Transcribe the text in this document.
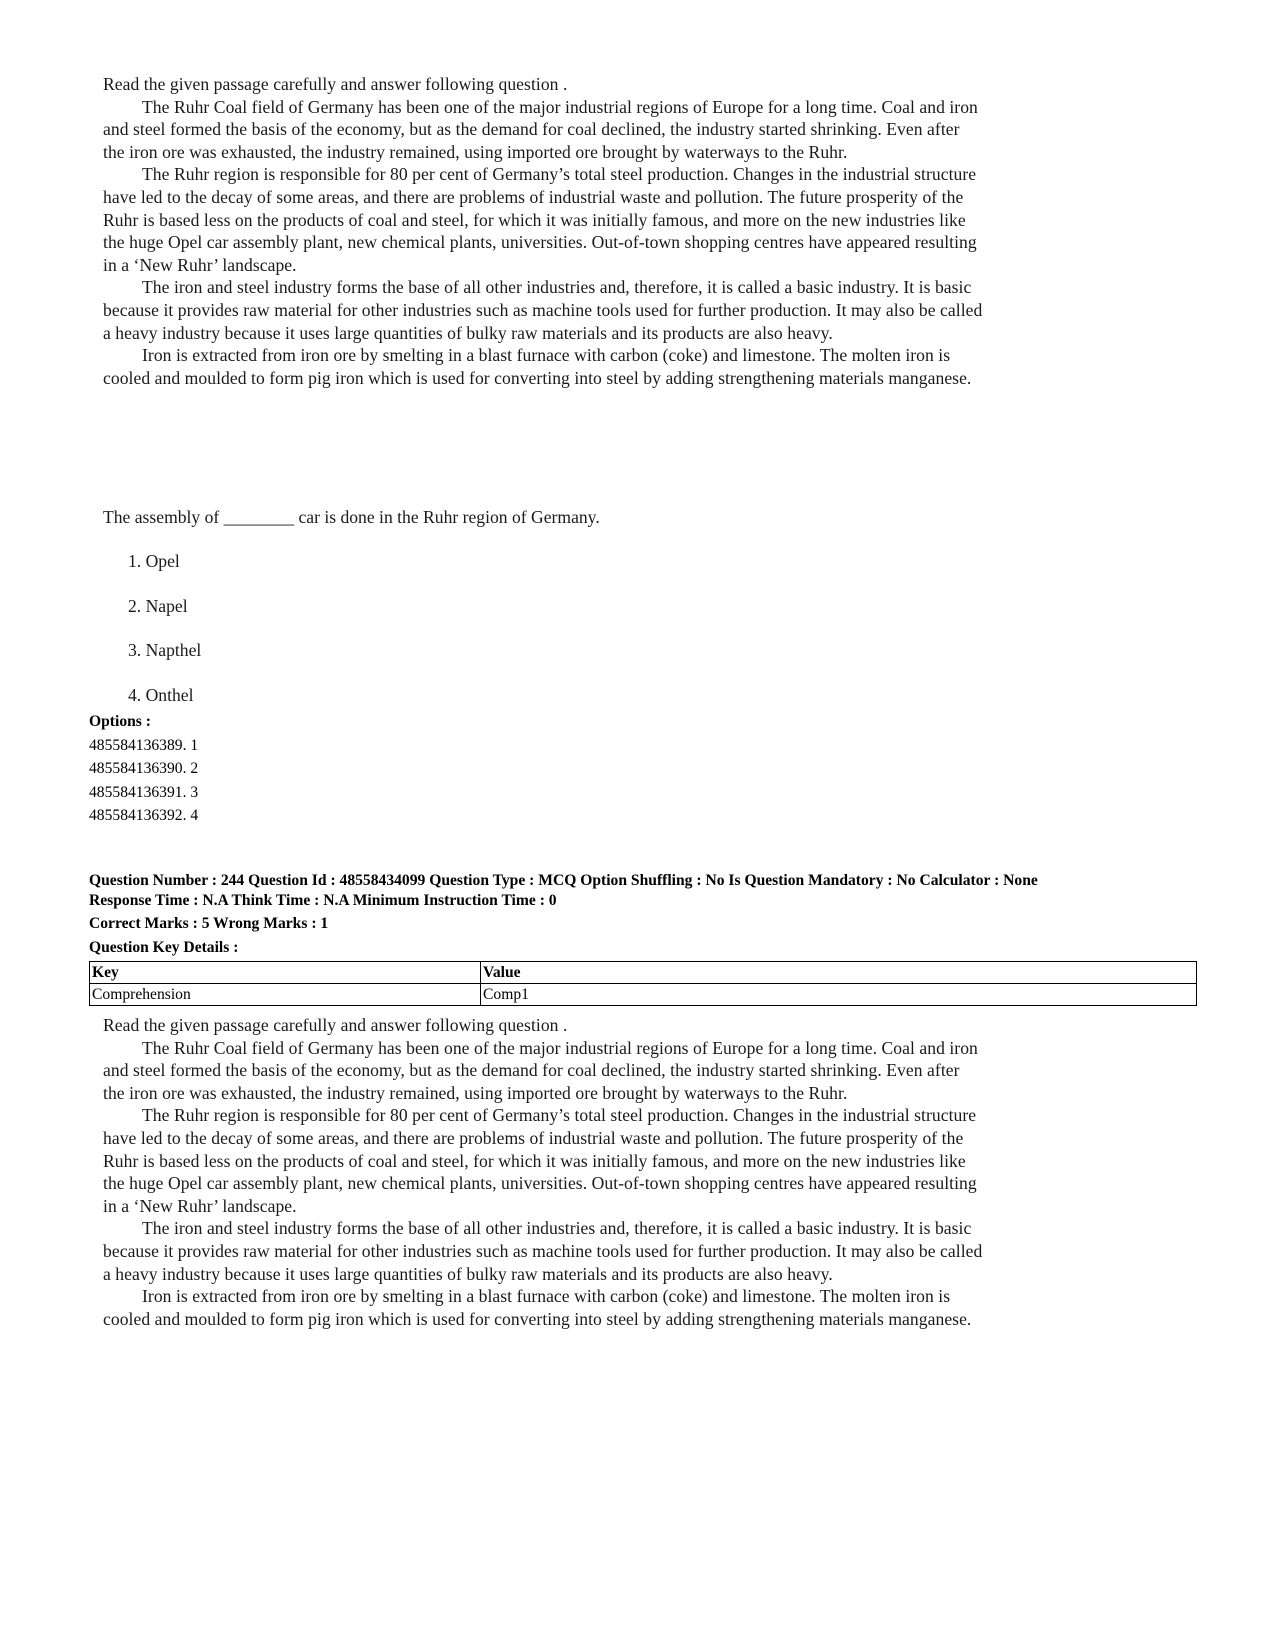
Read the given passage carefully and answer following question .

The Ruhr Coal field of Germany has been one of the major industrial regions of Europe for a long time. Coal and iron and steel formed the basis of the economy, but as the demand for coal declined, the industry started shrinking. Even after the iron ore was exhausted, the industry remained, using imported ore brought by waterways to the Ruhr.

The Ruhr region is responsible for 80 per cent of Germany’s total steel production. Changes in the industrial structure have led to the decay of some areas, and there are problems of industrial waste and pollution. The future prosperity of the Ruhr is based less on the products of coal and steel, for which it was initially famous, and more on the new industries like the huge Opel car assembly plant, new chemical plants, universities. Out-of-town shopping centres have appeared resulting in a ‘New Ruhr’ landscape.

The iron and steel industry forms the base of all other industries and, therefore, it is called a basic industry. It is basic because it provides raw material for other industries such as machine tools used for further production. It may also be called a heavy industry because it uses large quantities of bulky raw materials and its products are also heavy.

Iron is extracted from iron ore by smelting in a blast furnace with carbon (coke) and limestone. The molten iron is cooled and moulded to form pig iron which is used for converting into steel by adding strengthening materials manganese.

The assembly of ________ car is done in the Ruhr region of Germany.
1. Opel
2. Napel
3. Napthel
4. Onthel
Options :
485584136389. 1
485584136390. 2
485584136391. 3
485584136392. 4
Question Number : 244 Question Id : 48558434099 Question Type : MCQ Option Shuffling : No Is Question Mandatory : No Calculator : None
Response Time : N.A Think Time : N.A Minimum Instruction Time : 0
Correct Marks : 5 Wrong Marks : 1
Question Key Details :
Key	Value
Comprehension	Comp1

Read the given passage carefully and answer following question .

The Ruhr Coal field of Germany has been one of the major industrial regions of Europe for a long time. Coal and iron and steel formed the basis of the economy, but as the demand for coal declined, the industry started shrinking. Even after the iron ore was exhausted, the industry remained, using imported ore brought by waterways to the Ruhr.

The Ruhr region is responsible for 80 per cent of Germany’s total steel production. Changes in the industrial structure have led to the decay of some areas, and there are problems of industrial waste and pollution. The future prosperity of the Ruhr is based less on the products of coal and steel, for which it was initially famous, and more on the new industries like the huge Opel car assembly plant, new chemical plants, universities. Out-of-town shopping centres have appeared resulting in a ‘New Ruhr’ landscape.

The iron and steel industry forms the base of all other industries and, therefore, it is called a basic industry. It is basic because it provides raw material for other industries such as machine tools used for further production. It may also be called a heavy industry because it uses large quantities of bulky raw materials and its products are also heavy.

Iron is extracted from iron ore by smelting in a blast furnace with carbon (coke) and limestone. The molten iron is cooled and moulded to form pig iron which is used for converting into steel by adding strengthening materials manganese.
